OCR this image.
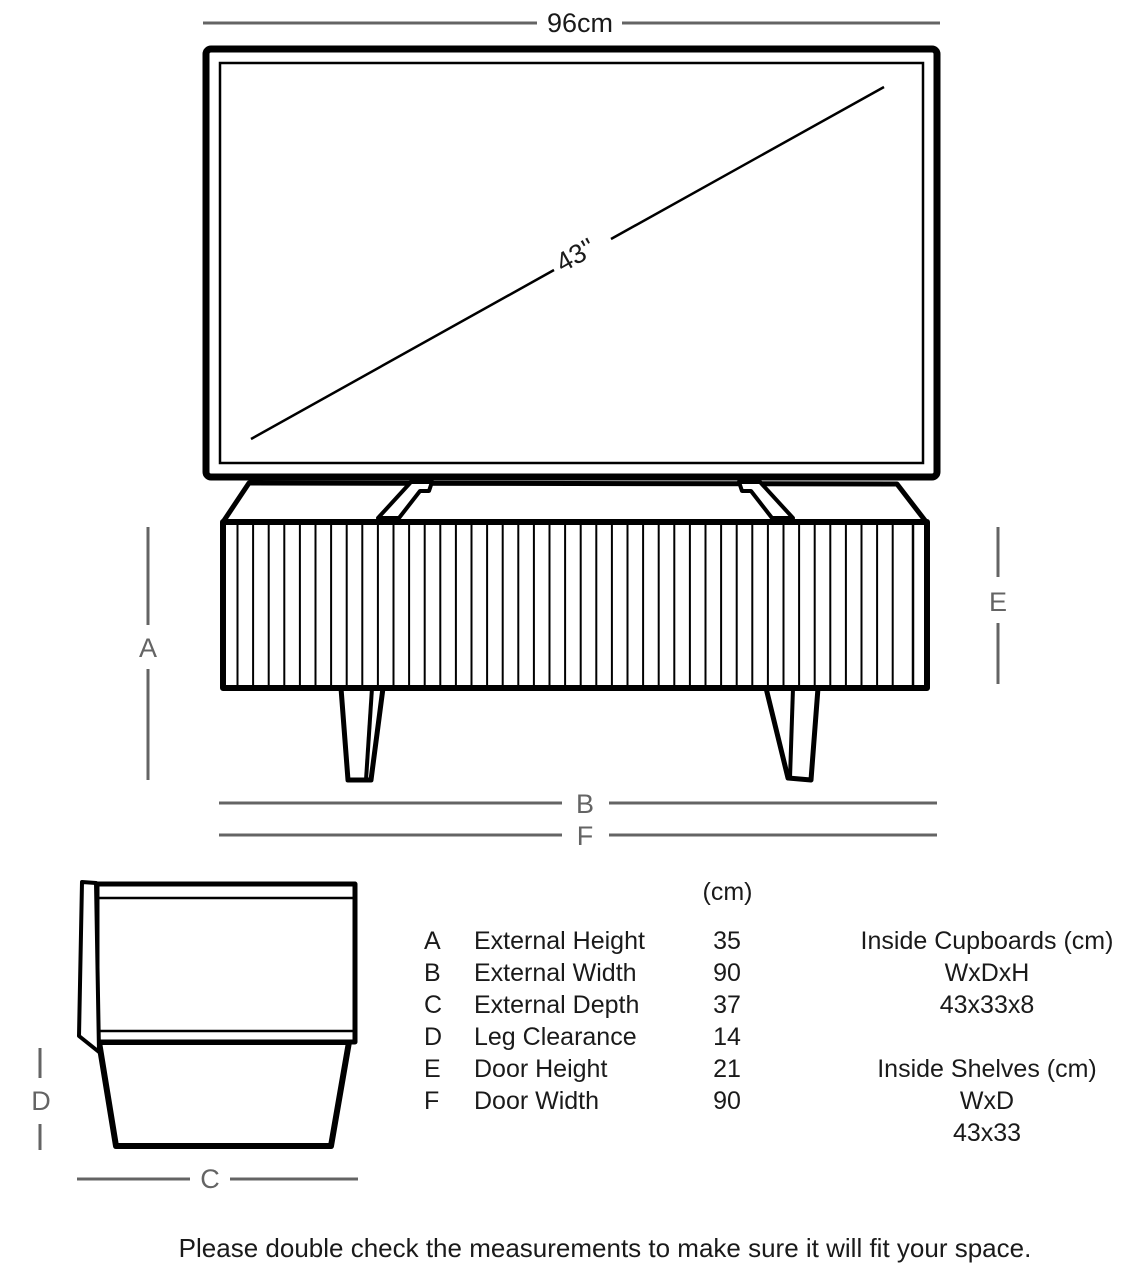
96cm
43''
A
E
B
F
D
C
(cm)
A	External Height	35
B	External Width	90
C	External Depth	37
D	Leg Clearance	14
E	Door Height	21
F	Door Width	90
Inside Cupboards (cm)
WxDxH
43x33x8
Inside Shelves (cm)
WxD
43x33
Please double check the measurements to make sure it will fit your space.
